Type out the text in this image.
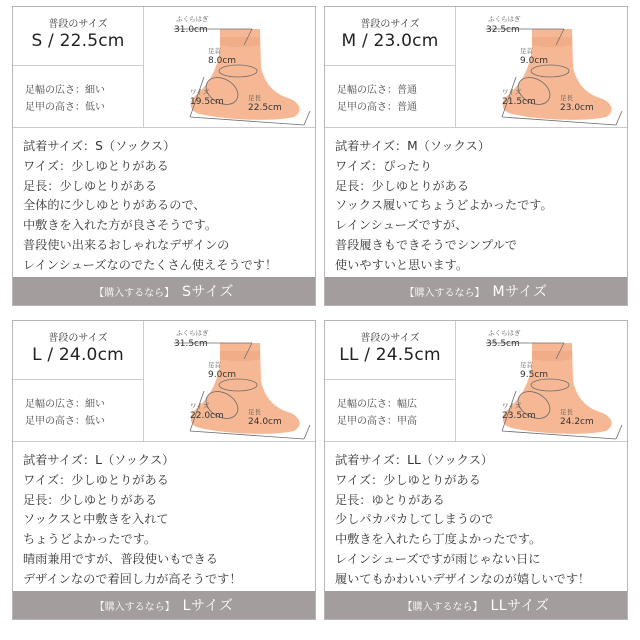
普段のサイズ
S / 22.5cm
足幅の広さ：細い
足甲の高さ：低い
ふくらはぎ
31.0cm
足首
8.0cm
ワイズ
19.5cm	足長
22.5cm
試着サイズ：S（ソックス）
ワイズ：少しゆとりがある
足長：少しゆとりがある
全体的に少しゆとりがあるので、
中敷きを入れた方が良さそうです。
普段使い出来るおしゃれなデザインの
レインシューズなのでたくさん使えそうです！
【購入するなら】 Sサイズ
普段のサイズ
M / 23.0cm
足幅の広さ：普通
足甲の高さ：普通
ふくらはぎ
32.5cm
足首
9.0cm
ワイズ
21.5cm	足長
23.0cm
試着サイズ：M（ソックス）
ワイズ：ぴったり
足長：少しゆとりがある
ソックス履いてちょうどよかったです。
レインシューズですが、
普段履きもできそうでシンプルで
使いやすいと思います。
【購入するなら】 Mサイズ
普段のサイズ
L / 24.0cm
足幅の広さ：細い
足甲の高さ：低い
ふくらはぎ
31.5cm
足首
9.0cm
ワイズ
22.0cm	足長
24.0cm
試着サイズ：L（ソックス）
ワイズ：少しゆとりがある
足長：少しゆとりがある
ソックスと中敷きを入れて
ちょうどよかったです。
晴雨兼用ですが、普段使いもできる
デザインなので着回し力が高そうです！
【購入するなら】 Lサイズ
普段のサイズ
LL / 24.5cm
足幅の広さ：幅広
足甲の高さ：甲高
ふくらはぎ
35.5cm
足首
9.5cm
ワイズ
23.5cm	足長
24.2cm
試着サイズ：LL（ソックス）
ワイズ：少しゆとりがある
足長：ゆとりがある
少しパカパカしてしまうので
中敷きを入れたら丁度よかったです。
レインシューズですが雨じゃない日に
履いてもかわいいデザインなのが嬉しいです！
【購入するなら】 LLサイズ
